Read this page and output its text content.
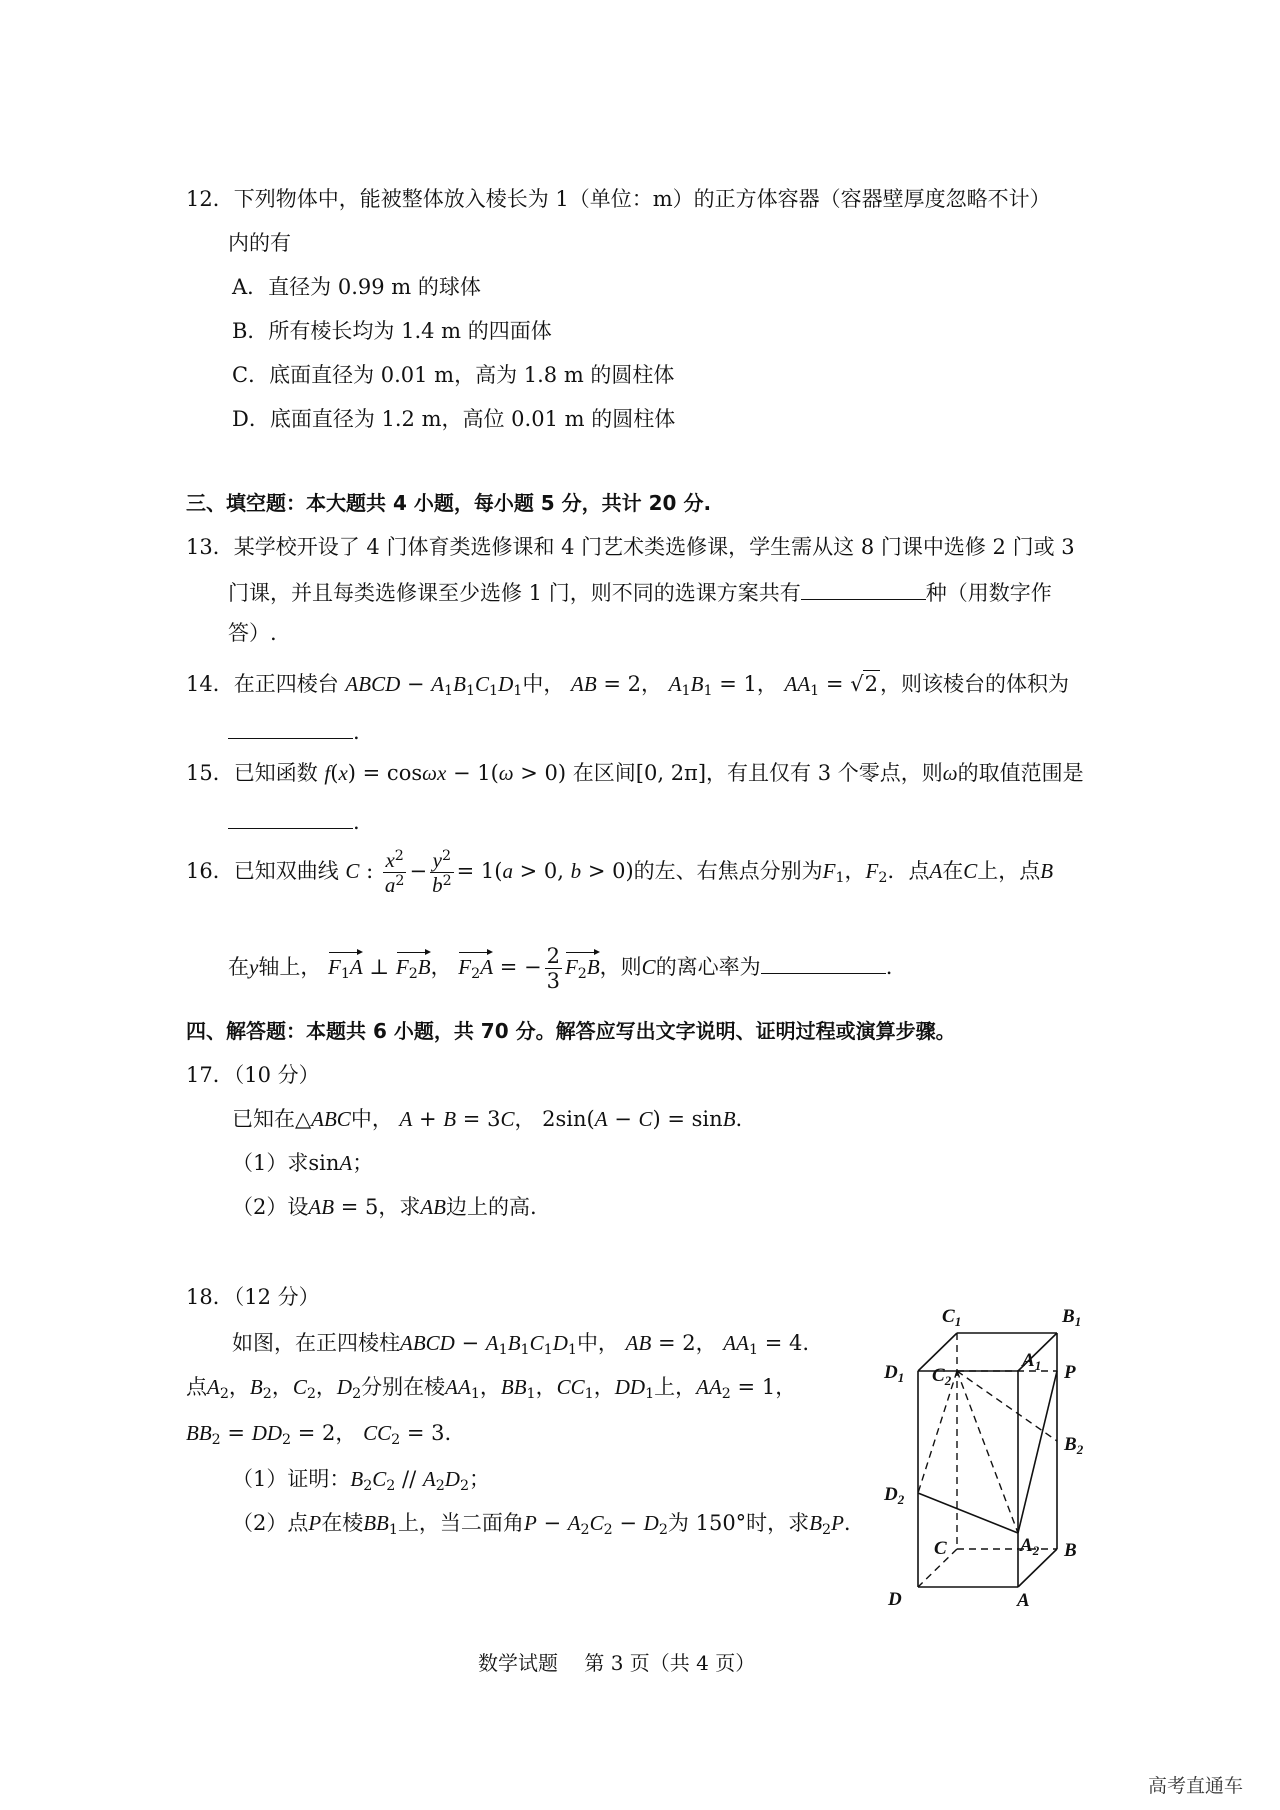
12．下列物体中，能被整体放入棱长为 1（单位：m）的正方体容器（容器壁厚度忽略不计）
内的有
A．直径为 0.99 m 的球体
B．所有棱长均为 1.4 m 的四面体
C．底面直径为 0.01 m，高为 1.8 m 的圆柱体
D．底面直径为 1.2 m，高位 0.01 m 的圆柱体
三、填空题：本大题共 4 小题，每小题 5 分，共计 20 分.
13．某学校开设了 4 门体育类选修课和 4 门艺术类选修课，学生需从这 8 门课中选修 2 门或 3
门课，并且每类选修课至少选修 1 门，则不同的选课方案共有	种（用数字作
答）.
14．在正四棱台 ABCD − $A_1B_1C_1D_1$中， AB = 2， $A_1B_1 = 1$， $AA_1 = √2$，则该棱台的体积为
.
15．已知函数 f(x) = cosωx − 1(ω > 0) 在区间[0, 2π]，有且仅有 3 个零点，则ω的取值范围是
.
16．已知双曲线 C : $\frac{x^2}{a^2} - \frac{y^2}{b^2} = 1(a > 0$, b > 0)的左、右焦点分别为$F_1$，$F_2$．点A在C上，点B
在y轴上， $F_1A$ ⊥ $F_2B$， $F_2A$ = − $\frac{2}{3} F_2B$，则C的离心率为	.
四、解答题：本题共 6 小题，共 70 分。解答应写出文字说明、证明过程或演算步骤。
17．（10 分）
已知在△ABC中， A + B = 3C， 2sin(A − C) = sinB.
（1）求sinA；
（2）设AB = 5，求AB边上的高.
18．（12 分）
如图，在正四棱柱ABCD − $A_1B_1C_1D_1$中， AB = 2， $AA_1 = 4$.
点$A_2$，$B_2$，$C_2$，$D_2$分别在棱$AA_1$，$BB_1$，$CC_1$，$DD_1$上，$AA_2 = 1$，
$BB_2 = DD_2 = 2$， $CC_2 = 3$.
（1）证明：$B_2C_2 // A_2D_2$；
（2）点P在棱$BB_1$上，当二面角$P - A_2C_2 - D_2$为 150°时，求$B_2P$.
$C_1$	$B_1$
$D_1$ $C_2$
$A_1$ P
$B_2$
$D_2$
$A_2$
C	B
D	A
数学试题　 第 3 页（共 4 页）
高考直通车
